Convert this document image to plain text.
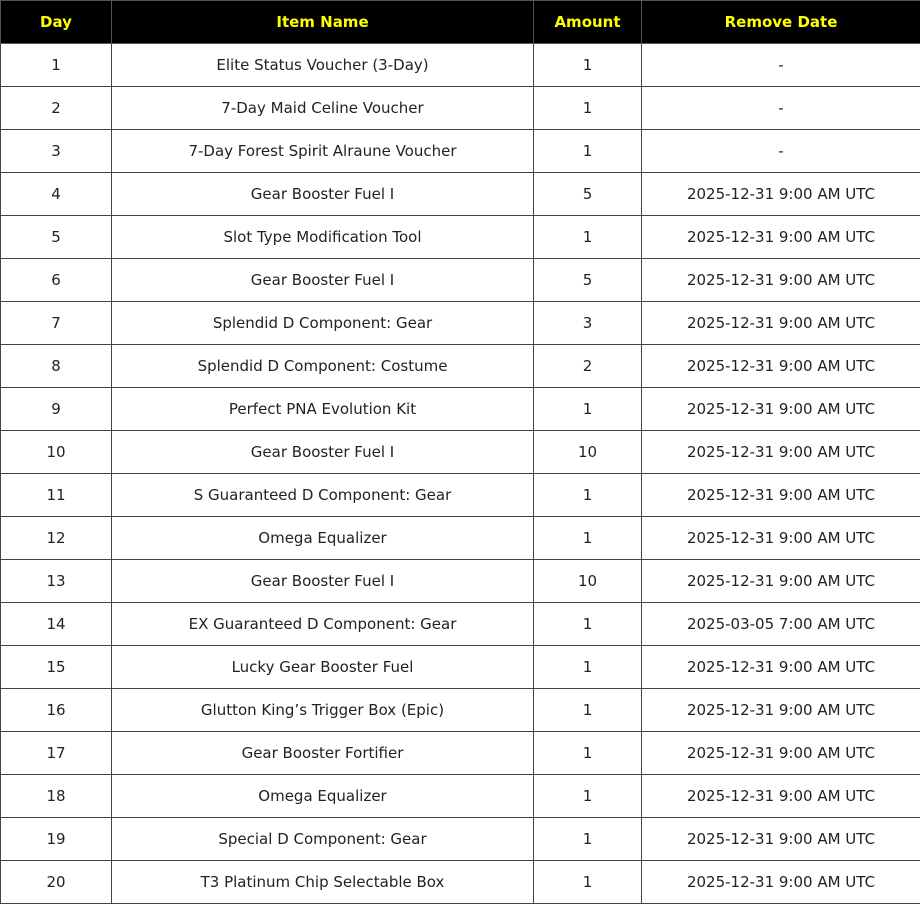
Day	Item Name	Amount	Remove Date
1	Elite Status Voucher (3-Day)	1	-
2	7-Day Maid Celine Voucher	1	-
3	7-Day Forest Spirit Alraune Voucher	1	-
4	Gear Booster Fuel I	5	2025-12-31 9:00 AM UTC
5	Slot Type Modification Tool	1	2025-12-31 9:00 AM UTC
6	Gear Booster Fuel I	5	2025-12-31 9:00 AM UTC
7	Splendid D Component: Gear	3	2025-12-31 9:00 AM UTC
8	Splendid D Component: Costume	2	2025-12-31 9:00 AM UTC
9	Perfect PNA Evolution Kit	1	2025-12-31 9:00 AM UTC
10	Gear Booster Fuel I	10	2025-12-31 9:00 AM UTC
11	S Guaranteed D Component: Gear	1	2025-12-31 9:00 AM UTC
12	Omega Equalizer	1	2025-12-31 9:00 AM UTC
13	Gear Booster Fuel I	10	2025-12-31 9:00 AM UTC
14	EX Guaranteed D Component: Gear	1	2025-03-05 7:00 AM UTC
15	Lucky Gear Booster Fuel	1	2025-12-31 9:00 AM UTC
16	Glutton King’s Trigger Box (Epic)	1	2025-12-31 9:00 AM UTC
17	Gear Booster Fortifier	1	2025-12-31 9:00 AM UTC
18	Omega Equalizer	1	2025-12-31 9:00 AM UTC
19	Special D Component: Gear	1	2025-12-31 9:00 AM UTC
20	T3 Platinum Chip Selectable Box	1	2025-12-31 9:00 AM UTC
